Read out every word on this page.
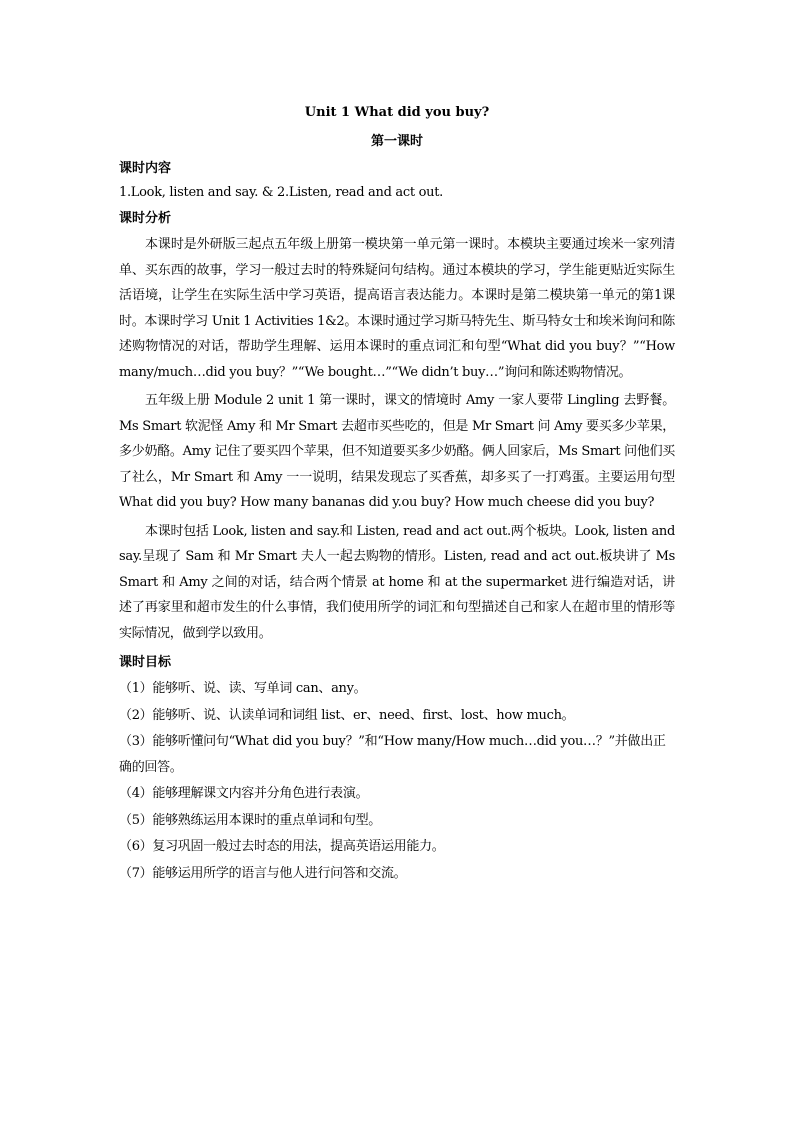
Unit 1 What did you buy?
第一课时
课时内容
1.Look, listen and say. & 2.Listen, read and act out.
课时分析

本课时是外研版三起点五年级上册第一模块第一单元第一课时。本模块主要通过埃米一家列清单、买东西的故事，学习一般过去时的特殊疑问句结构。通过本模块的学习，学生能更贴近实际生活语境，让学生在实际生活中学习英语，提高语言表达能力。本课时是第二模块第一单元的第1课时。本课时学习 Unit 1 Activities 1&2。本课时通过学习斯马特先生、斯马特女士和埃米询问和陈述购物情况的对话，帮助学生理解、运用本课时的重点词汇和句型“What did you buy？”“How many/much…did you buy？”“We bought…”“We didn’t buy…”询问和陈述购物情况。

五年级上册 Module 2 unit 1 第一课时，课文的情境时 Amy 一家人要带 Lingling 去野餐。Ms Smart 软泥怪 Amy 和 Mr Smart 去超市买些吃的，但是 Mr Smart 问 Amy 要买多少苹果，多少奶酪。Amy 记住了要买四个苹果，但不知道要买多少奶酪。俩人回家后，Ms Smart 问他们买了社么，Mr Smart 和 Amy 一一说明，结果发现忘了买香蕉，却多买了一打鸡蛋。主要运用句型 What did you buy? How many bananas did y.ou buy? How much cheese did you buy?

本课时包括 Look, listen and say.和 Listen, read and act out.两个板块。Look, listen and say.呈现了 Sam 和 Mr Smart 夫人一起去购物的情形。Listen, read and act out.板块讲了 Ms Smart 和 Amy 之间的对话，结合两个情景 at home 和 at the supermarket 进行编造对话，讲述了再家里和超市发生的什么事情，我们使用所学的词汇和句型描述自己和家人在超市里的情形等实际情况，做到学以致用。

课时目标
（1）能够听、说、读、写单词 can、any。
（2）能够听、说、认读单词和词组 list、er、need、first、lost、how much。
（3）能够听懂问句“What did you buy？”和“How many/How much…did you…？”并做出正确的回答。
（4）能够理解课文内容并分角色进行表演。
（5）能够熟练运用本课时的重点单词和句型。
（6）复习巩固一般过去时态的用法，提高英语运用能力。
（7）能够运用所学的语言与他人进行问答和交流。
